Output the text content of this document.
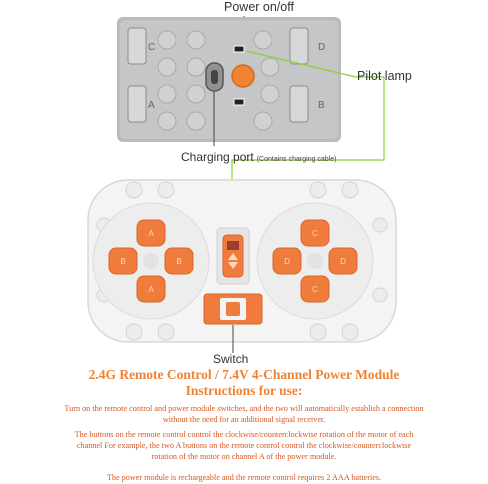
Power on/off
C
A
D
B
Pilot lamp
Charging port (Contains charging cable)
A
B
A
B
C
D
D
C
Switch
2.4G Remote Control / 7.4V 4-Channel Power Module
Instructions for use:
Turn on the remote control and power module switches, and the two will automatically establish a connection
without the need for an additional signal receiver.
The buttons on the remote control control the clockwise/counterclockwise rotation of the motor of each
channel For example, the two A buttons on the remote control control the clockwise/counterclockwise
rotation of the motor on channel A of the power module.
The power module is rechargeable and the remote control requires 2 AAA batteries.
